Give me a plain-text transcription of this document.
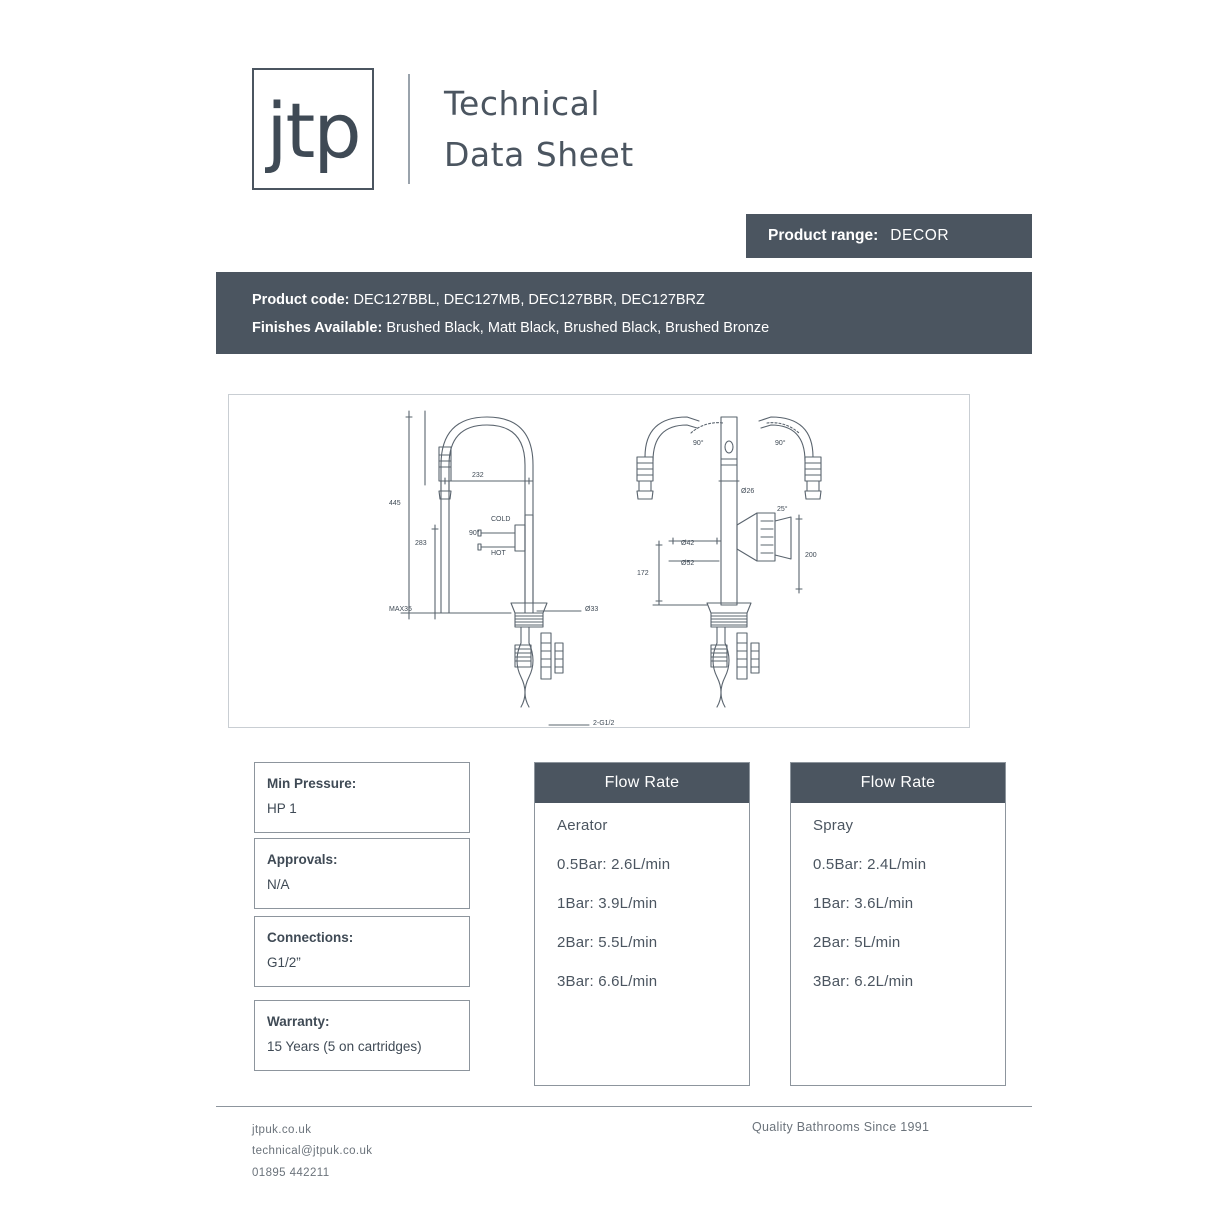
jtp	Technical
Data Sheet
Product range: DECOR
Product code: DEC127BBL, DEC127MB, DEC127BBR, DEC127BRZ
Finishes Available: Brushed Black, Matt Black, Brushed Black, Brushed Bronze
445
283
232
MAX35	Ø33
2-G1/2
COLD
HOT
90°
90°	90°
Ø26
Ø42
Ø52
172
200
25°
Min Pressure:
HP 1
Approvals:
N/A
Connections:
G1/2”
Warranty:
15 Years (5 on cartridges)
Flow Rate
Aerator
0.5Bar: 2.6L/min
1Bar: 3.9L/min
2Bar: 5.5L/min
3Bar: 6.6L/min
Flow Rate
Spray
0.5Bar: 2.4L/min
1Bar: 3.6L/min
2Bar: 5L/min
3Bar: 6.2L/min
jtpuk.co.uk
technical@jtpuk.co.uk
01895 442211
Quality Bathrooms Since 1991
